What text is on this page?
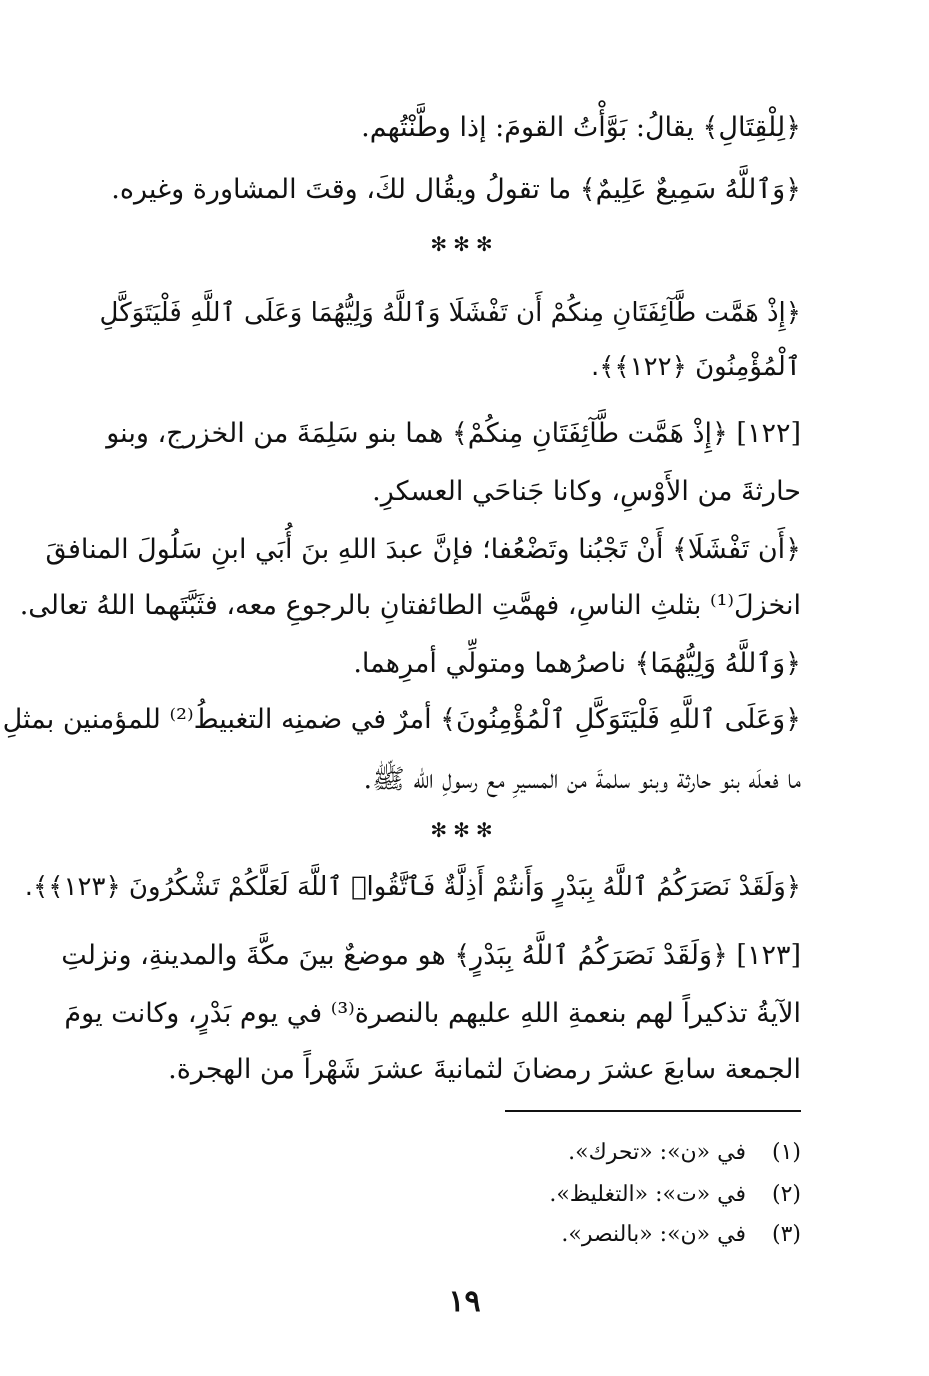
﴿لِلْقِتَالِ﴾ يقالُ: بَوَّأْتُ القومَ: إذا وطَّنْتُهم.
﴿وَٱللَّهُ سَمِيعٌ عَلِيمٌ﴾ ما تقولُ ويقُال لكَ، وقتَ المشاورة وغيره.
✻✻✻
﴿إِذْ هَمَّت طَّآئِفَتَانِ مِنكُمْ أَن تَفْشَلَا وَٱللَّهُ وَلِيُّهُمَا وَعَلَى ٱللَّهِ فَلْيَتَوَكَّلِ
ٱلْمُؤْمِنُونَ ﴿١٢٢﴾﴾.
[١٢٢] ﴿إِذْ هَمَّت طَّآئِفَتَانِ مِنكُمْ﴾ هما بنو سَلِمَةَ من الخزرج، وبنو
حارثةَ من الأَوْسِ، وكانا جَناحَي العسكرِ.
﴿أَن تَفْشَلَا﴾ أَنْ تَجْبُنا وتَضْعُفا؛ فإنَّ عبدَ اللهِ بنَ أُبَي ابنِ سَلُولَ المنافقَ
انخزلَ⁽¹⁾ بثلثِ الناسِ، فهمَّتِ الطائفتانِ بالرجوعِ معه، فثَبَّتَهما اللهُ تعالى.
﴿وَٱللَّهُ وَلِيُّهُمَا﴾ ناصرُهما ومتولِّي أمرِهما.
﴿وَعَلَى ٱللَّهِ فَلْيَتَوَكَّلِ ٱلْمُؤْمِنُونَ﴾ أمرٌ في ضمنِه التغبيطُ⁽²⁾ للمؤمنين بمثلِ
ما فعلَه بنو حارثة وبنو سلمةَ من المسيرِ مع رسولِ الله ﷺ.
✻✻✻
﴿وَلَقَدْ نَصَرَكُمُ ٱللَّهُ بِبَدْرٍ وَأَنتُمْ أَذِلَّةٌ فَٱتَّقُوا۟ ٱللَّهَ لَعَلَّكُمْ تَشْكُرُونَ ﴿١٢٣﴾﴾.
[١٢٣] ﴿وَلَقَدْ نَصَرَكُمُ ٱللَّهُ بِبَدْرٍ﴾ هو موضعٌ بينَ مكَّةَ والمدينةِ، ونزلتِ
الآيةُ تذكيراً لهم بنعمةِ اللهِ عليهم بالنصرة⁽³⁾ في يوم بَدْرٍ، وكانت يومَ
الجمعة سابعَ عشرَ رمضانَ لثمانيةَ عشرَ شَهْراً من الهجرة.
(١) في «ن»: «تحرك».
(٢) في «ت»: «التغليظ».
(٣) في «ن»: «بالنصر».
١٩
